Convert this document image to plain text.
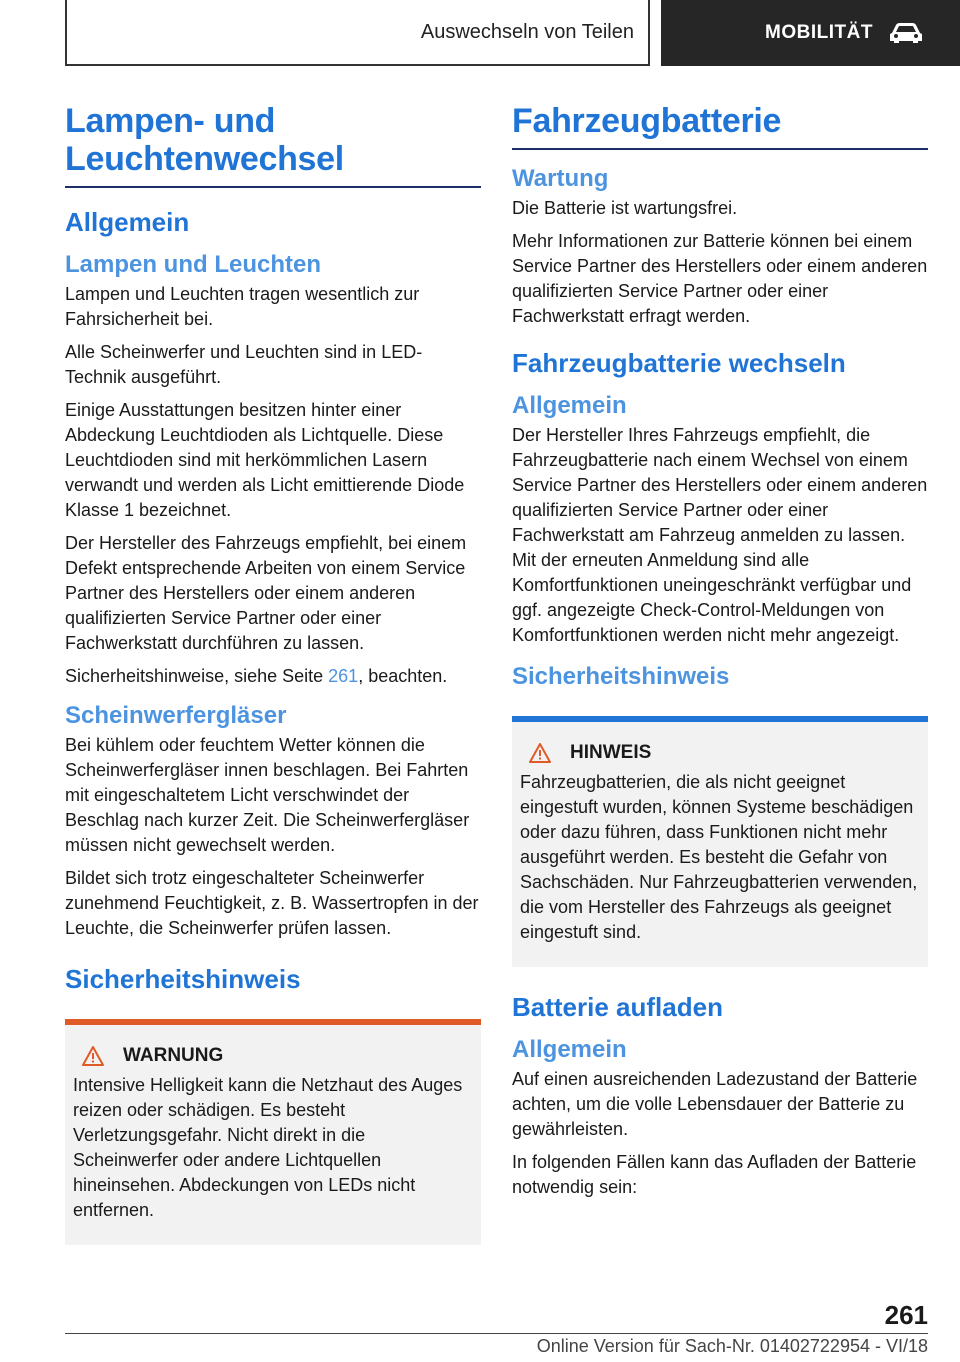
Auswechseln von Teilen	MOBILITÄT
Lampen- und Leuchtenwechsel
Allgemein
Lampen und Leuchten

Lampen und Leuchten tragen wesentlich zur Fahrsicherheit bei.

Alle Scheinwerfer und Leuchten sind in LED-Technik ausgeführt.

Einige Ausstattungen besitzen hinter einer Abdeckung Leuchtdioden als Lichtquelle. Diese Leuchtdioden sind mit herkömmlichen Lasern verwandt und werden als Licht emittierende Diode Klasse 1 bezeichnet.

Der Hersteller des Fahrzeugs empfiehlt, bei einem Defekt entsprechende Arbeiten von einem Service Partner des Herstellers oder einem anderen qualifizierten Service Partner oder einer Fachwerkstatt durchführen zu lassen.

Sicherheitshinweise, siehe Seite 261, beachten.

Scheinwerfergläser

Bei kühlem oder feuchtem Wetter können die Scheinwerfergläser innen beschlagen. Bei Fahrten mit eingeschaltetem Licht verschwindet der Beschlag nach kurzer Zeit. Die Scheinwerfergläser müssen nicht gewechselt werden.

Bildet sich trotz eingeschalteter Scheinwerfer zunehmend Feuchtigkeit, z. B. Wassertropfen in der Leuchte, die Scheinwerfer prüfen lassen.

Sicherheitshinweis
WARNUNG

Intensive Helligkeit kann die Netzhaut des Auges reizen oder schädigen. Es besteht Verletzungsgefahr. Nicht direkt in die Scheinwerfer oder andere Lichtquellen hineinsehen. Abdeckungen von LEDs nicht entfernen.

Fahrzeugbatterie
Wartung

Die Batterie ist wartungsfrei.

Mehr Informationen zur Batterie können bei einem Service Partner des Herstellers oder einem anderen qualifizierten Service Partner oder einer Fachwerkstatt erfragt werden.

Fahrzeugbatterie wechseln
Allgemein

Der Hersteller Ihres Fahrzeugs empfiehlt, die Fahrzeugbatterie nach einem Wechsel von einem Service Partner des Herstellers oder einem anderen qualifizierten Service Partner oder einer Fachwerkstatt am Fahrzeug anmelden zu lassen. Mit der erneuten Anmeldung sind alle Komfortfunktionen uneingeschränkt verfügbar und ggf. angezeigte Check-Control-Meldungen von Komfortfunktionen werden nicht mehr angezeigt.

Sicherheitshinweis
HINWEIS

Fahrzeugbatterien, die als nicht geeignet eingestuft wurden, können Systeme beschädigen oder dazu führen, dass Funktionen nicht mehr ausgeführt werden. Es besteht die Gefahr von Sachschäden. Nur Fahrzeugbatterien verwenden, die vom Hersteller des Fahrzeugs als geeignet eingestuft sind.

Batterie aufladen
Allgemein

Auf einen ausreichenden Ladezustand der Batterie achten, um die volle Lebensdauer der Batterie zu gewährleisten.

In folgenden Fällen kann das Aufladen der Batterie notwendig sein:

261
Online Version für Sach-Nr. 01402722954 - VI/18
